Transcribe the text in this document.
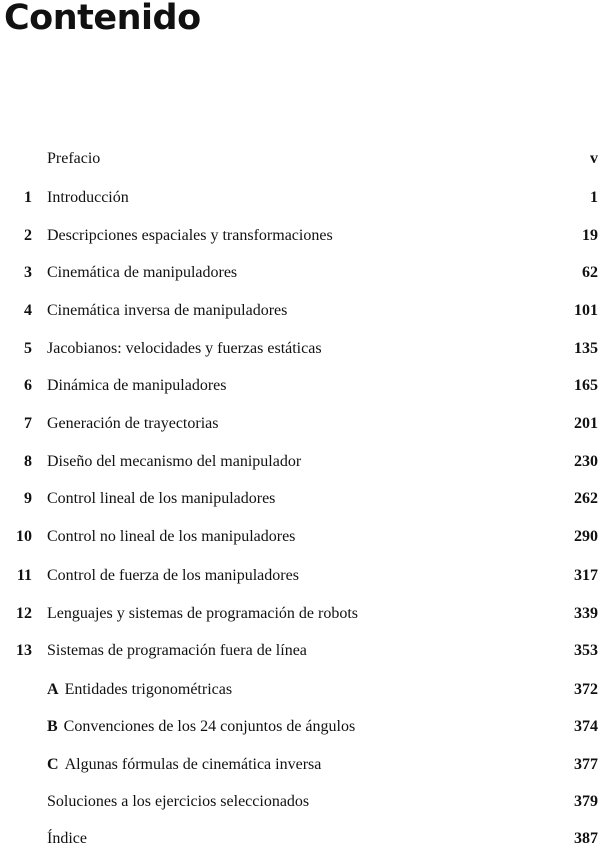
Contenido
Prefacio	v
1 Introducción	1
2 Descripciones espaciales y transformaciones	19
3 Cinemática de manipuladores	62
4 Cinemática inversa de manipuladores	101
5 Jacobianos: velocidades y fuerzas estáticas	135
6 Dinámica de manipuladores	165
7 Generación de trayectorias	201
8 Diseño del mecanismo del manipulador	230
9 Control lineal de los manipuladores	262
10 Control no lineal de los manipuladores	290
11 Control de fuerza de los manipuladores	317
12 Lenguajes y sistemas de programación de robots	339
13 Sistemas de programación fuera de línea	353
A Entidades trigonométricas	372
B Convenciones de los 24 conjuntos de ángulos	374
C Algunas fórmulas de cinemática inversa	377
Soluciones a los ejercicios seleccionados	379
Índice	387
